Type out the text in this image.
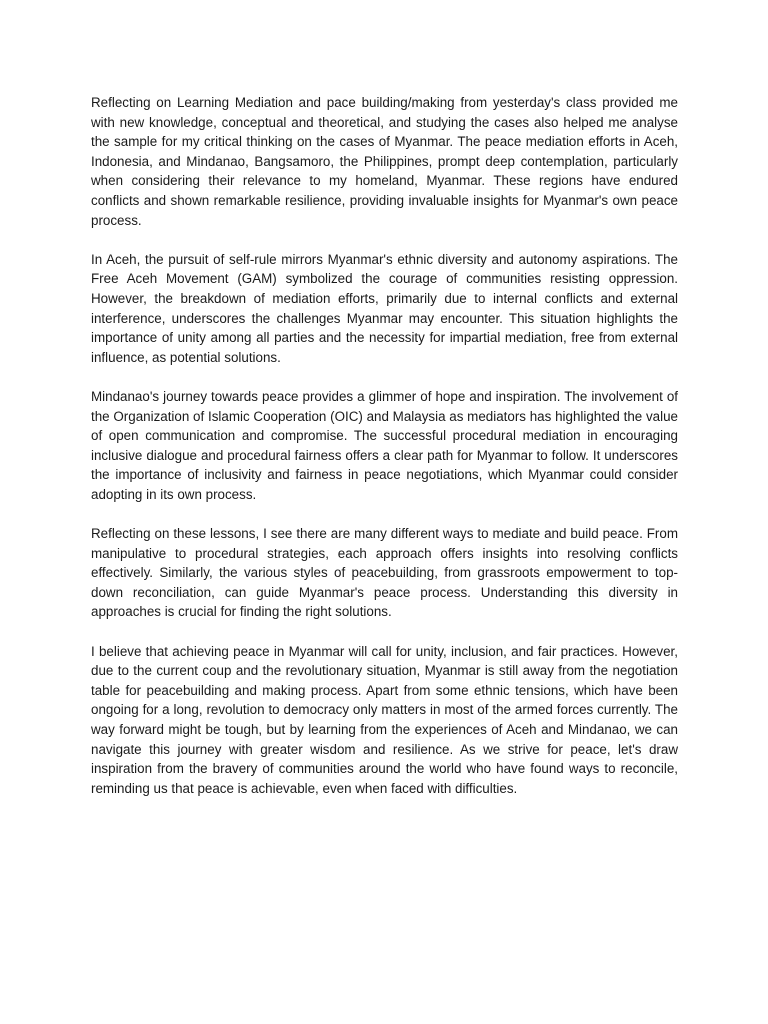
Reflecting on Learning Mediation and pace building/making from yesterday's class provided me with new knowledge, conceptual and theoretical, and studying the cases also helped me analyse the sample for my critical thinking on the cases of Myanmar. The peace mediation efforts in Aceh, Indonesia, and Mindanao, Bangsamoro, the Philippines, prompt deep contemplation, particularly when considering their relevance to my homeland, Myanmar. These regions have endured conflicts and shown remarkable resilience, providing invaluable insights for Myanmar's own peace process.

In Aceh, the pursuit of self-rule mirrors Myanmar's ethnic diversity and autonomy aspirations. The Free Aceh Movement (GAM) symbolized the courage of communities resisting oppression. However, the breakdown of mediation efforts, primarily due to internal conflicts and external interference, underscores the challenges Myanmar may encounter. This situation highlights the importance of unity among all parties and the necessity for impartial mediation, free from external influence, as potential solutions.

Mindanao's journey towards peace provides a glimmer of hope and inspiration. The involvement of the Organization of Islamic Cooperation (OIC) and Malaysia as mediators has highlighted the value of open communication and compromise. The successful procedural mediation in encouraging inclusive dialogue and procedural fairness offers a clear path for Myanmar to follow. It underscores the importance of inclusivity and fairness in peace negotiations, which Myanmar could consider adopting in its own process.

Reflecting on these lessons, I see there are many different ways to mediate and build peace. From manipulative to procedural strategies, each approach offers insights into resolving conflicts effectively. Similarly, the various styles of peacebuilding, from grassroots empowerment to top-down reconciliation, can guide Myanmar's peace process. Understanding this diversity in approaches is crucial for finding the right solutions.

I believe that achieving peace in Myanmar will call for unity, inclusion, and fair practices. However, due to the current coup and the revolutionary situation, Myanmar is still away from the negotiation table for peacebuilding and making process. Apart from some ethnic tensions, which have been ongoing for a long, revolution to democracy only matters in most of the armed forces currently. The way forward might be tough, but by learning from the experiences of Aceh and Mindanao, we can navigate this journey with greater wisdom and resilience. As we strive for peace, let's draw inspiration from the bravery of communities around the world who have found ways to reconcile, reminding us that peace is achievable, even when faced with difficulties.
